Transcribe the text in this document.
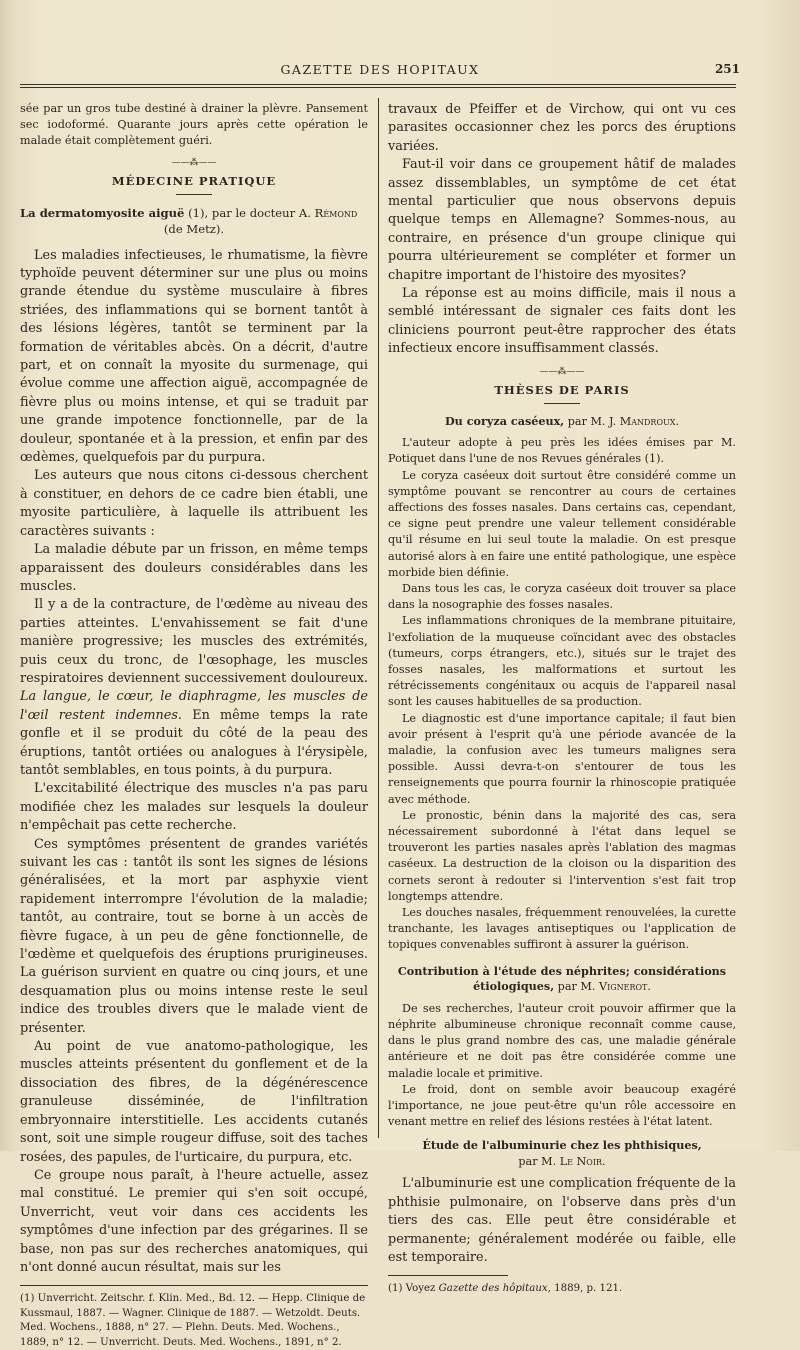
GAZETTE DES HOPITAUX	251

sée par un gros tube destiné à drainer la plèvre. Pansement sec iodoformé. Quarante jours après cette opération le malade était complètement guéri.

——⁂——
MÉDECINE PRATIQUE

La dermatomyosite aiguë (1), par le docteur A. Rémond

(de Metz).

Les maladies infectieuses, le rhumatisme, la fièvre typhoïde peuvent déterminer sur une plus ou moins grande étendue du système musculaire à fibres striées, des inflammations qui se bornent tantôt à des lésions légères, tantôt se terminent par la formation de véritables abcès. On a décrit, d'autre part, et on connaît la myosite du surmenage, qui évolue comme une affection aiguë, accompagnée de fièvre plus ou moins intense, et qui se traduit par une grande impotence fonctionnelle, par de la douleur, spontanée et à la pression, et enfin par des œdèmes, quelquefois par du purpura.

Les auteurs que nous citons ci-dessous cherchent à constituer, en dehors de ce cadre bien établi, une myosite particulière, à laquelle ils attribuent les caractères suivants :

La maladie débute par un frisson, en même temps apparaissent des douleurs considérables dans les muscles.

Il y a de la contracture, de l'œdème au niveau des parties atteintes. L'envahissement se fait d'une manière progressive; les muscles des extrémités, puis ceux du tronc, de l'œsophage, les muscles respiratoires deviennent successivement douloureux. La langue, le cœur, le diaphragme, les muscles de l'œil restent indemnes. En même temps la rate gonfle et il se produit du côté de la peau des éruptions, tantôt ortiées ou analogues à l'érysipèle, tantôt semblables, en tous points, à du purpura.

L'excitabilité électrique des muscles n'a pas paru modifiée chez les malades sur lesquels la douleur n'empêchait pas cette recherche.

Ces symptômes présentent de grandes variétés suivant les cas : tantôt ils sont les signes de lésions généralisées, et la mort par asphyxie vient rapidement interrompre l'évolution de la maladie; tantôt, au contraire, tout se borne à un accès de fièvre fugace, à un peu de gêne fonctionnelle, de l'œdème et quelquefois des éruptions prurigineuses. La guérison survient en quatre ou cinq jours, et une desquamation plus ou moins intense reste le seul indice des troubles divers que le malade vient de présenter.

Au point de vue anatomo-pathologique, les muscles atteints présentent du gonflement et de la dissociation des fibres, de la dégénérescence granuleuse disséminée, de l'infiltration embryonnaire interstitielle. Les accidents cutanés sont, soit une simple rougeur diffuse, soit des taches rosées, des papules, de l'urticaire, du purpura, etc.

Ce groupe nous paraît, à l'heure actuelle, assez mal constitué. Le premier qui s'en soit occupé, Unverricht, veut voir dans ces accidents les symptômes d'une infection par des grégarines. Il se base, non pas sur des recherches anatomiques, qui n'ont donné aucun résultat, mais sur les

(1) Unverricht. Zeitschr. f. Klin. Med., Bd. 12. — Hepp. Clinique de Kussmaul, 1887. — Wagner. Clinique de 1887. — Wetzoldt. Deuts. Med. Wochens., 1888, n° 27. — Plehn. Deuts. Med. Wochens., 1889, n° 12. — Unverricht. Deuts. Med. Wochens., 1891, n° 2.

travaux de Pfeiffer et de Virchow, qui ont vu ces parasites occasionner chez les porcs des éruptions variées.

Faut-il voir dans ce groupement hâtif de malades assez dissemblables, un symptôme de cet état mental particulier que nous observons depuis quelque temps en Allemagne? Sommes-nous, au contraire, en présence d'un groupe clinique qui pourra ultérieurement se compléter et former un chapitre important de l'histoire des myosites?

La réponse est au moins difficile, mais il nous a semblé intéressant de signaler ces faits dont les cliniciens pourront peut-être rapprocher des états infectieux encore insuffisamment classés.

——⁂——
THÈSES DE PARIS

Du coryza caséeux, par M. J. Mandroux.

L'auteur adopte à peu près les idées émises par M. Potiquet dans l'une de nos Revues générales (1).

Le coryza caséeux doit surtout être considéré comme un symptôme pouvant se rencontrer au cours de certaines affections des fosses nasales. Dans certains cas, cependant, ce signe peut prendre une valeur tellement considérable qu'il résume en lui seul toute la maladie. On est presque autorisé alors à en faire une entité pathologique, une espèce morbide bien définie.

Dans tous les cas, le coryza caséeux doit trouver sa place dans la nosographie des fosses nasales.

Les inflammations chroniques de la membrane pituitaire, l'exfoliation de la muqueuse coïncidant avec des obstacles (tumeurs, corps étrangers, etc.), situés sur le trajet des fosses nasales, les malformations et surtout les rétrécissements congénitaux ou acquis de l'appareil nasal sont les causes habituelles de sa production.

Le diagnostic est d'une importance capitale; il faut bien avoir présent à l'esprit qu'à une période avancée de la maladie, la confusion avec les tumeurs malignes sera possible. Aussi devra-t-on s'entourer de tous les renseignements que pourra fournir la rhinoscopie pratiquée avec méthode.

Le pronostic, bénin dans la majorité des cas, sera nécessairement subordonné à l'état dans lequel se trouveront les parties nasales après l'ablation des magmas caséeux. La destruction de la cloison ou la disparition des cornets seront à redouter si l'intervention s'est fait trop longtemps attendre.

Les douches nasales, fréquemment renouvelées, la curette tranchante, les lavages antiseptiques ou l'application de topiques convenables suffiront à assurer la guérison.

Contribution à l'étude des néphrites; considérations étiologiques, par M. Vignerot.

De ses recherches, l'auteur croit pouvoir affirmer que la néphrite albumineuse chronique reconnaît comme cause, dans le plus grand nombre des cas, une maladie générale antérieure et ne doit pas être considérée comme une maladie locale et primitive.

Le froid, dont on semble avoir beaucoup exagéré l'importance, ne joue peut-être qu'un rôle accessoire en venant mettre en relief des lésions restées à l'état latent.

Étude de l'albuminurie chez les phthisiques,

par M. Le Noir.

L'albuminurie est une complication fréquente de la phthisie pulmonaire, on l'observe dans près d'un tiers des cas. Elle peut être considérable et permanente; généralement modérée ou faible, elle est temporaire.

(1) Voyez Gazette des hôpitaux, 1889, p. 121.
